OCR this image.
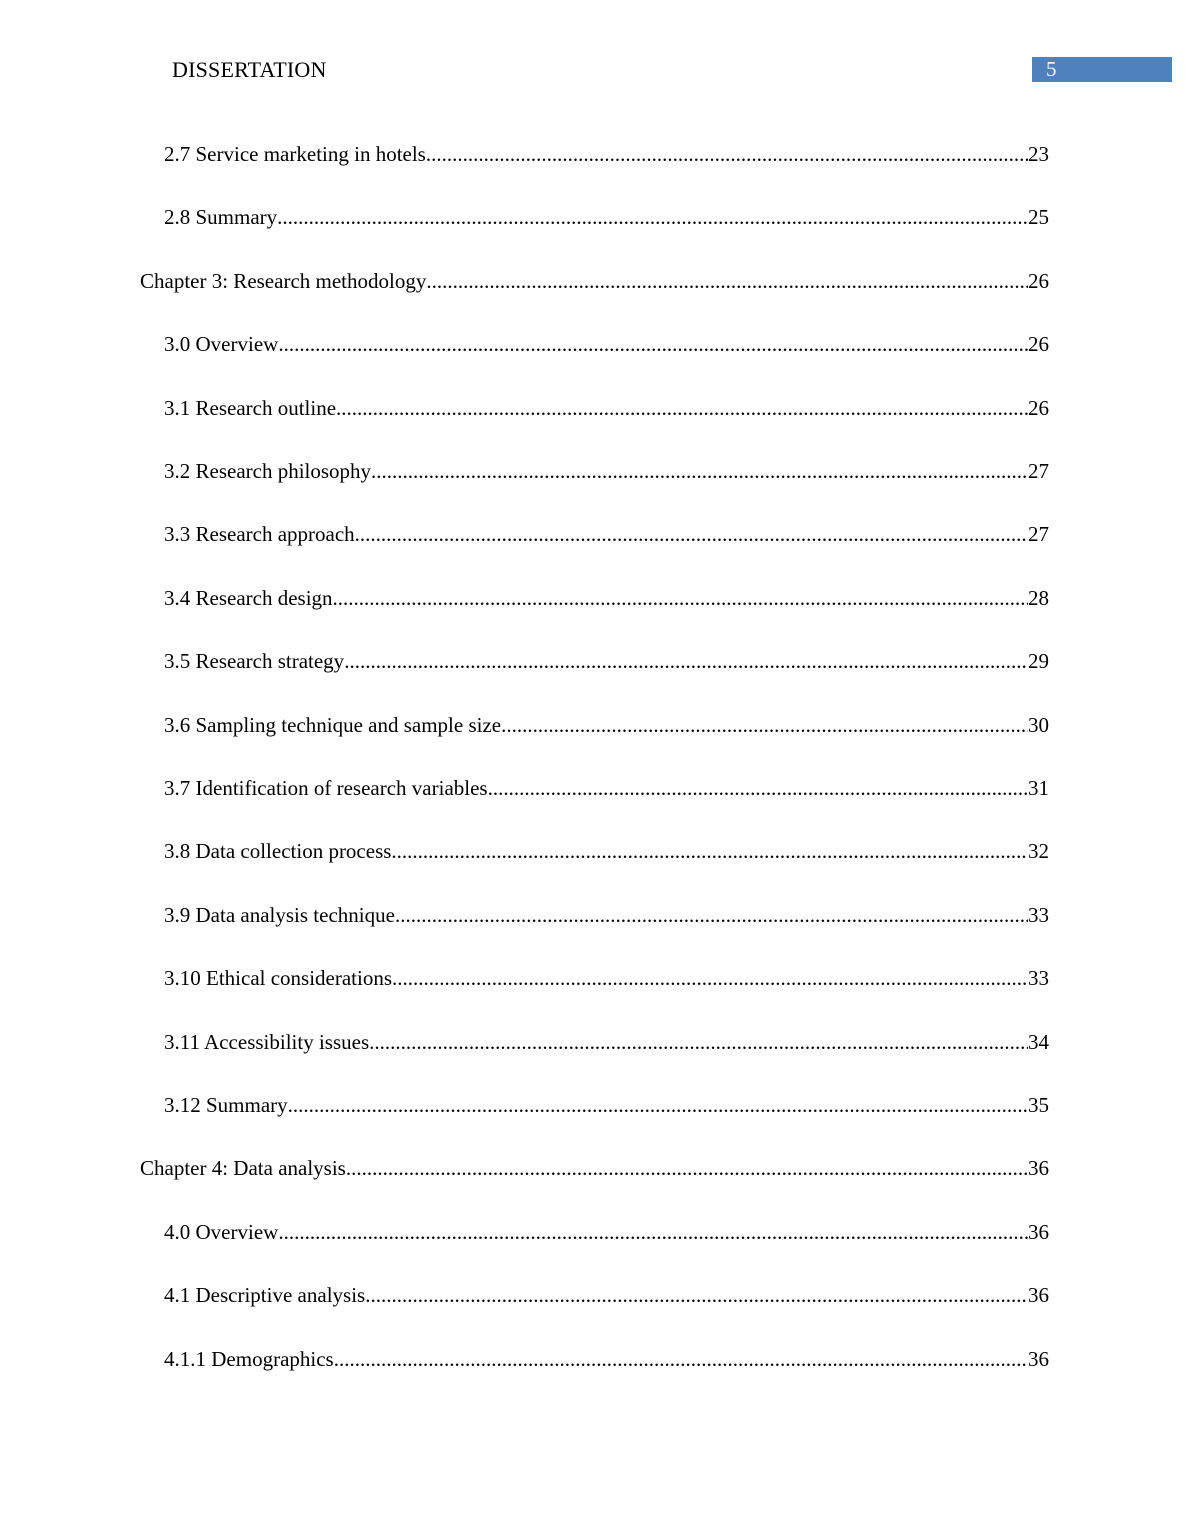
DISSERTATION	5
2.7 Service marketing in hotels .....	23
2.8 Summary .....	25
Chapter 3: Research methodology .....	26
3.0 Overview .....	26
3.1 Research outline .....	26
3.2 Research philosophy .....	27
3.3 Research approach .....	27
3.4 Research design .....	28
3.5 Research strategy .....	29
3.6 Sampling technique and sample size .....	30
3.7 Identification of research variables .....	31
3.8 Data collection process .....	32
3.9 Data analysis technique .....	33
3.10 Ethical considerations .....	33
3.11 Accessibility issues .....	34
3.12 Summary .....	35
Chapter 4: Data analysis .....	36
4.0 Overview .....	36
4.1 Descriptive analysis .....	36
4.1.1 Demographics .....	36
